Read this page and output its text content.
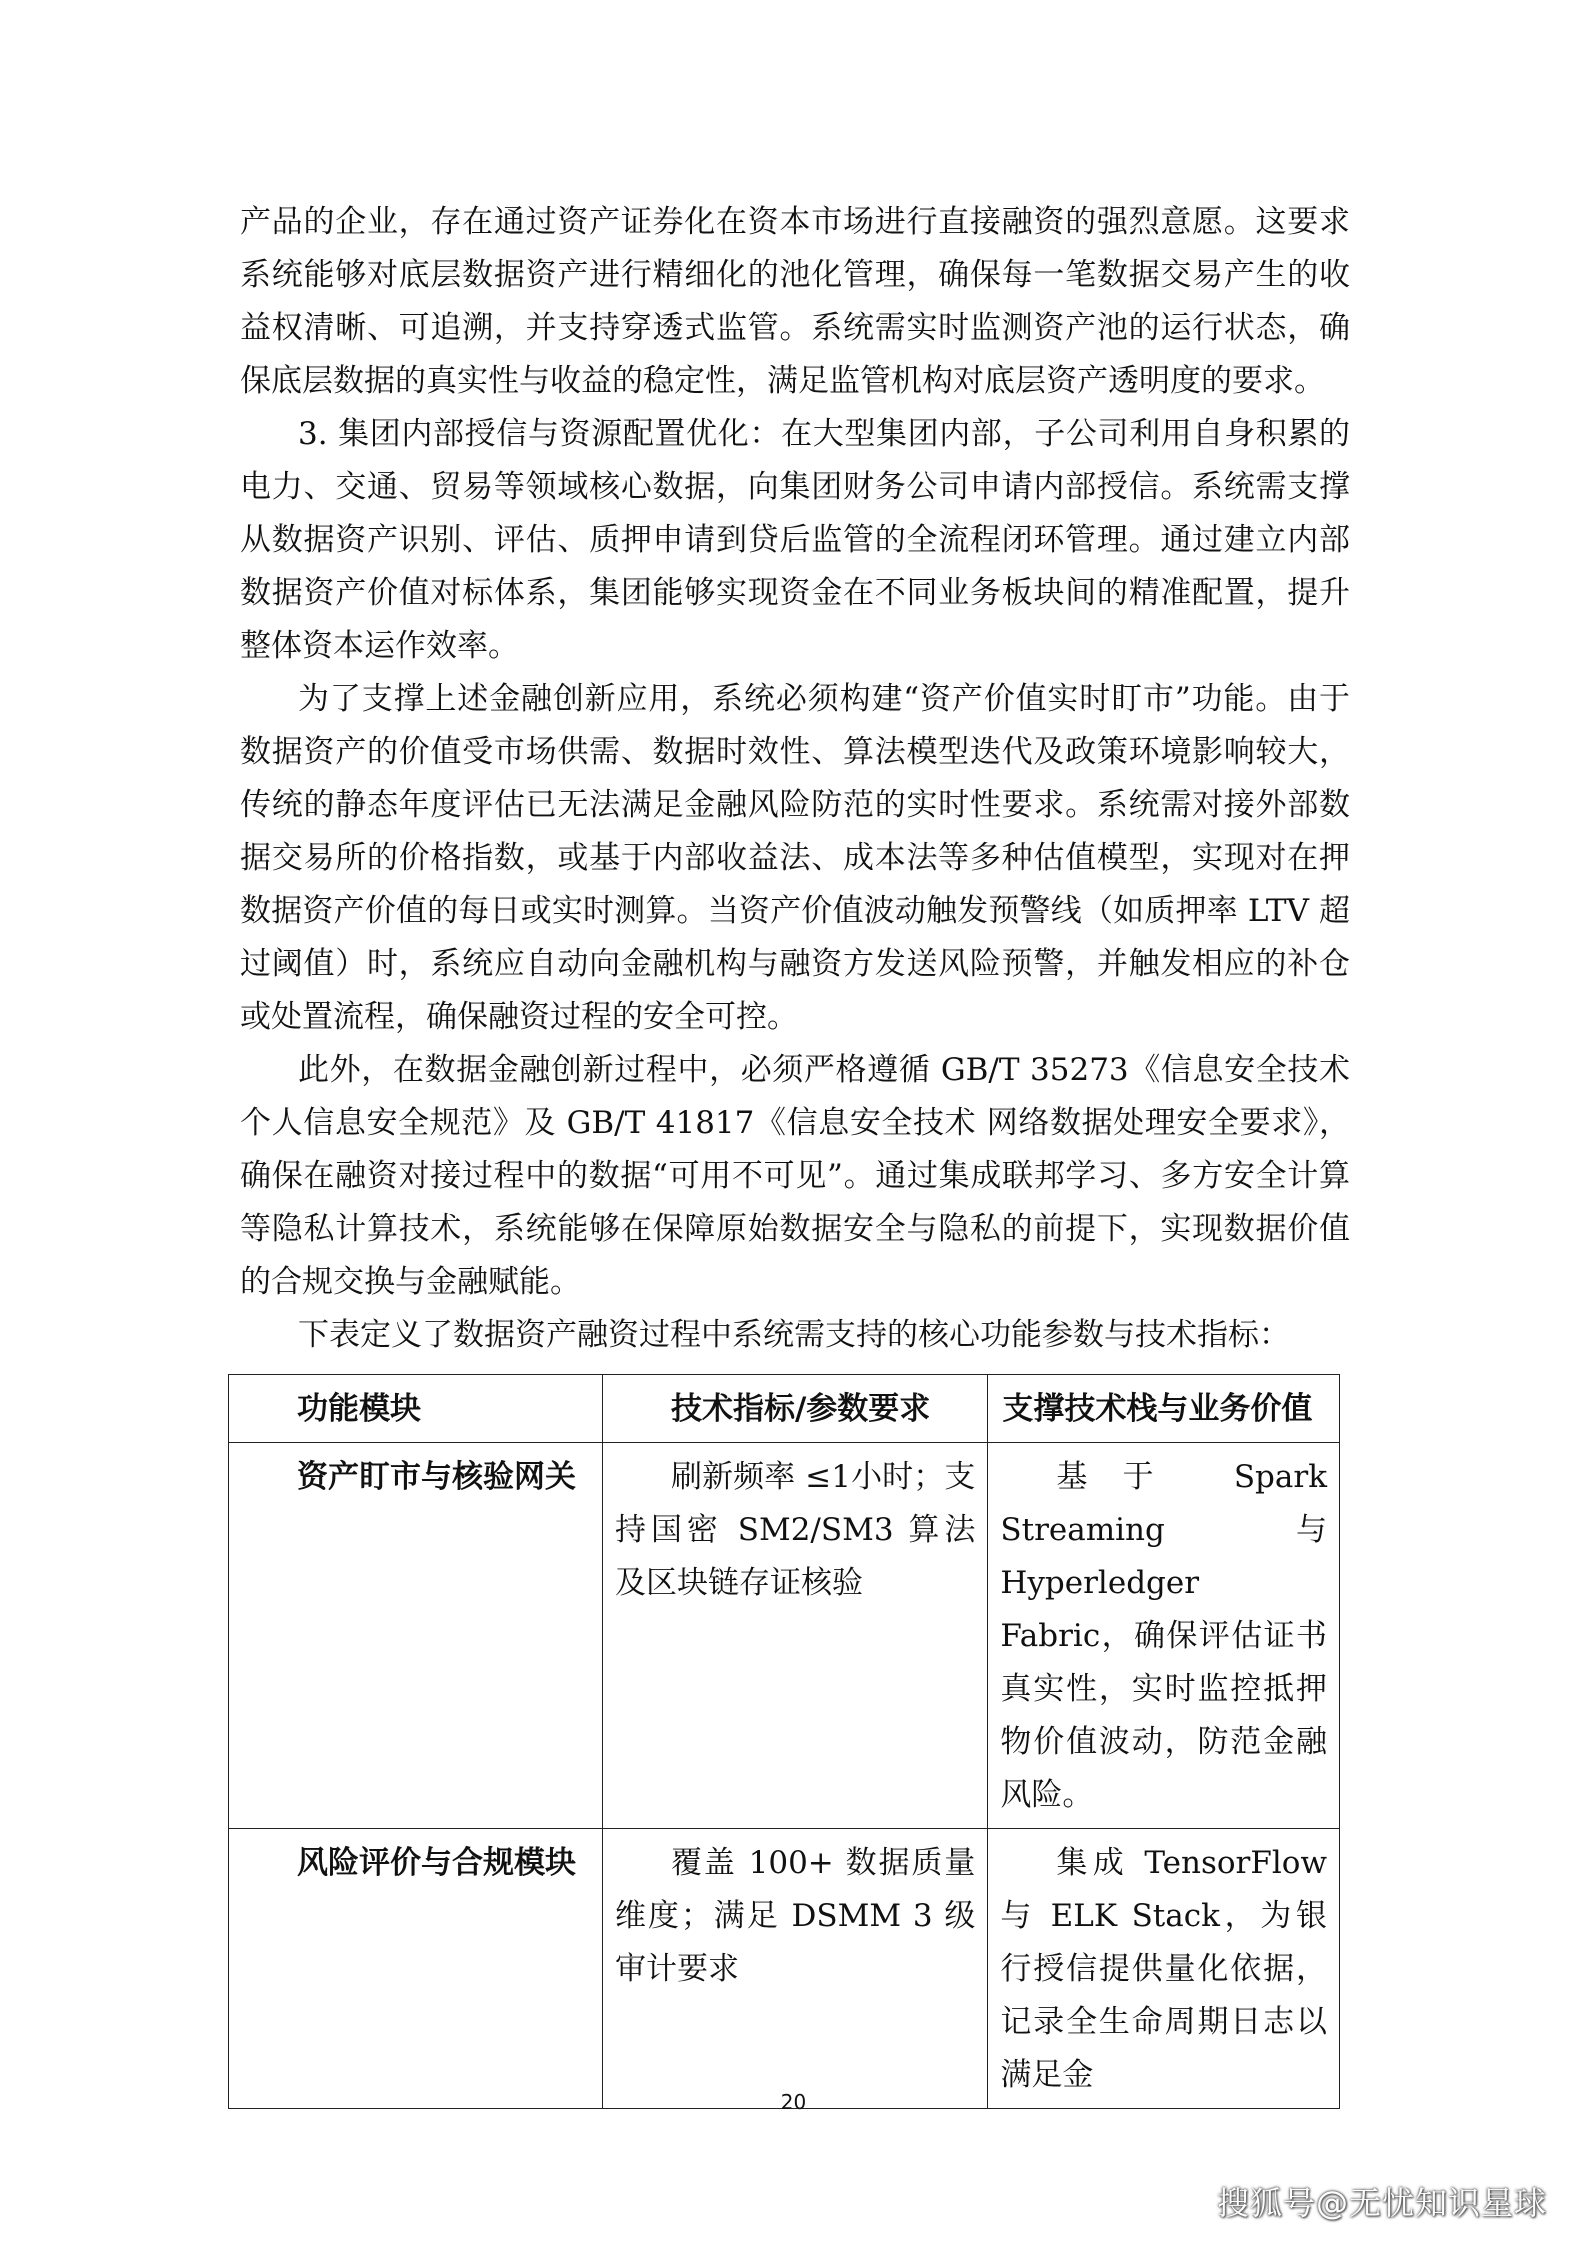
产品的企业，存在通过资产证券化在资本市场进行直接融资的强烈意愿。这要求系统能够对底层数据资产进行精细化的池化管理，确保每一笔数据交易产生的收益权清晰、可追溯，并支持穿透式监管。系统需实时监测资产池的运行状态，确保底层数据的真实性与收益的稳定性，满足监管机构对底层资产透明度的要求。

3. 集团内部授信与资源配置优化：在大型集团内部，子公司利用自身积累的电力、交通、贸易等领域核心数据，向集团财务公司申请内部授信。系统需支撑从数据资产识别、评估、质押申请到贷后监管的全流程闭环管理。通过建立内部数据资产价值对标体系，集团能够实现资金在不同业务板块间的精准配置，提升整体资本运作效率。

为了支撑上述金融创新应用，系统必须构建“资产价值实时盯市”功能。由于数据资产的价值受市场供需、数据时效性、算法模型迭代及政策环境影响较大，传统的静态年度评估已无法满足金融风险防范的实时性要求。系统需对接外部数据交易所的价格指数，或基于内部收益法、成本法等多种估值模型，实现对在押数据资产价值的每日或实时测算。当资产价值波动触发预警线（如质押率 LTV 超过阈值）时，系统应自动向金融机构与融资方发送风险预警，并触发相应的补仓或处置流程，确保融资过程的安全可控。

此外，在数据金融创新过程中，必须严格遵循 GB/T 35273《信息安全技术 个人信息安全规范》及 GB/T 41817《信息安全技术 网络数据处理安全要求》，确保在融资对接过程中的数据“可用不可见”。通过集成联邦学习、多方安全计算等隐私计算技术，系统能够在保障原始数据安全与隐私的前提下，实现数据价值的合规交换与金融赋能。

下表定义了数据资产融资过程中系统需支持的核心功能参数与技术指标：

功能模块	技术指标/参数要求	支撑技术栈与业务价值
资产盯市与核验网关	刷新频率 ≤1小时；支持国密 SM2/SM3 算法及区块链存证核验	基于 Spark Streaming 与 Hyperledger Fabric，确保评估证书真实性，实时监控抵押物价值波动，防范金融风险。
风险评价与合规模块	覆盖 100+ 数据质量维度；满足 DSMM 3 级审计要求	集成 TensorFlow 与 ELK Stack，为银行授信提供量化依据，记录全生命周期日志以满足金
20
搜狐号@无忧知识星球
